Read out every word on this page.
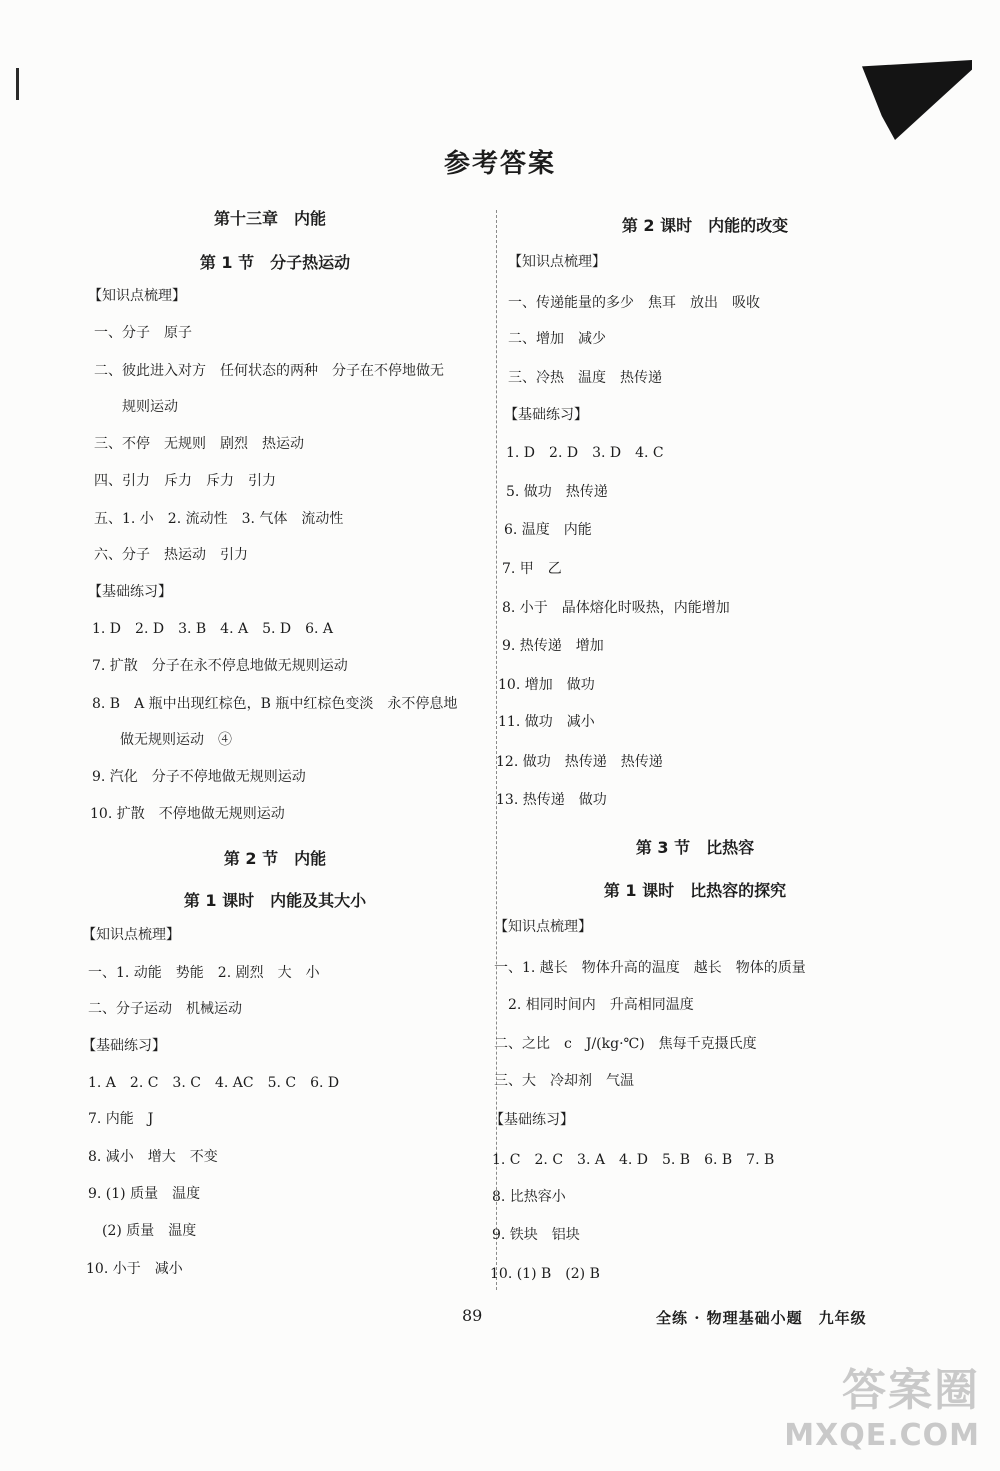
参考答案
第十三章　内能
第 1 节　分子热运动
【知识点梳理】
一、分子　原子
二、彼此进入对方　任何状态的两种　分子在不停地做无
　　规则运动
三、不停　无规则　剧烈　热运动
四、引力　斥力　斥力　引力
五、1. 小　2. 流动性　3. 气体　流动性
六、分子　热运动　引力
【基础练习】
1. D　2. D　3. B　4. A　5. D　6. A
7. 扩散　分子在永不停息地做无规则运动
8. B　A 瓶中出现红棕色，B 瓶中红棕色变淡　永不停息地
　　做无规则运动　④
9. 汽化　分子不停地做无规则运动
10. 扩散　不停地做无规则运动
第 2 节　内能
第 1 课时　内能及其大小
【知识点梳理】
一、1. 动能　势能　2. 剧烈　大　小
二、分子运动　机械运动
【基础练习】
1. A　2. C　3. C　4. AC　5. C　6. D
7. 内能　J
8. 减小　增大　不变
9. (1) 质量　温度
　(2) 质量　温度
10. 小于　减小
第 2 课时　内能的改变
【知识点梳理】
一、传递能量的多少　焦耳　放出　吸收
二、增加　减少
三、冷热　温度　热传递
【基础练习】
1. D　2. D　3. D　4. C
5. 做功　热传递
6. 温度　内能
7. 甲　乙
8. 小于　晶体熔化时吸热，内能增加
9. 热传递　增加
10. 增加　做功
11. 做功　减小
12. 做功　热传递　热传递
13. 热传递　做功
第 3 节　比热容
第 1 课时　比热容的探究
【知识点梳理】
一、1. 越长　物体升高的温度　越长　物体的质量
　2. 相同时间内　升高相同温度
二、之比　c　J/(kg·℃)　焦每千克摄氏度
三、大　冷却剂　气温
【基础练习】
1. C　2. C　3. A　4. D　5. B　6. B　7. B
8. 比热容小
9. 铁块　铝块
10. (1) B　(2) B
89	全练 · 物理基础小题　九年级

答案圈
MXQE.COM
